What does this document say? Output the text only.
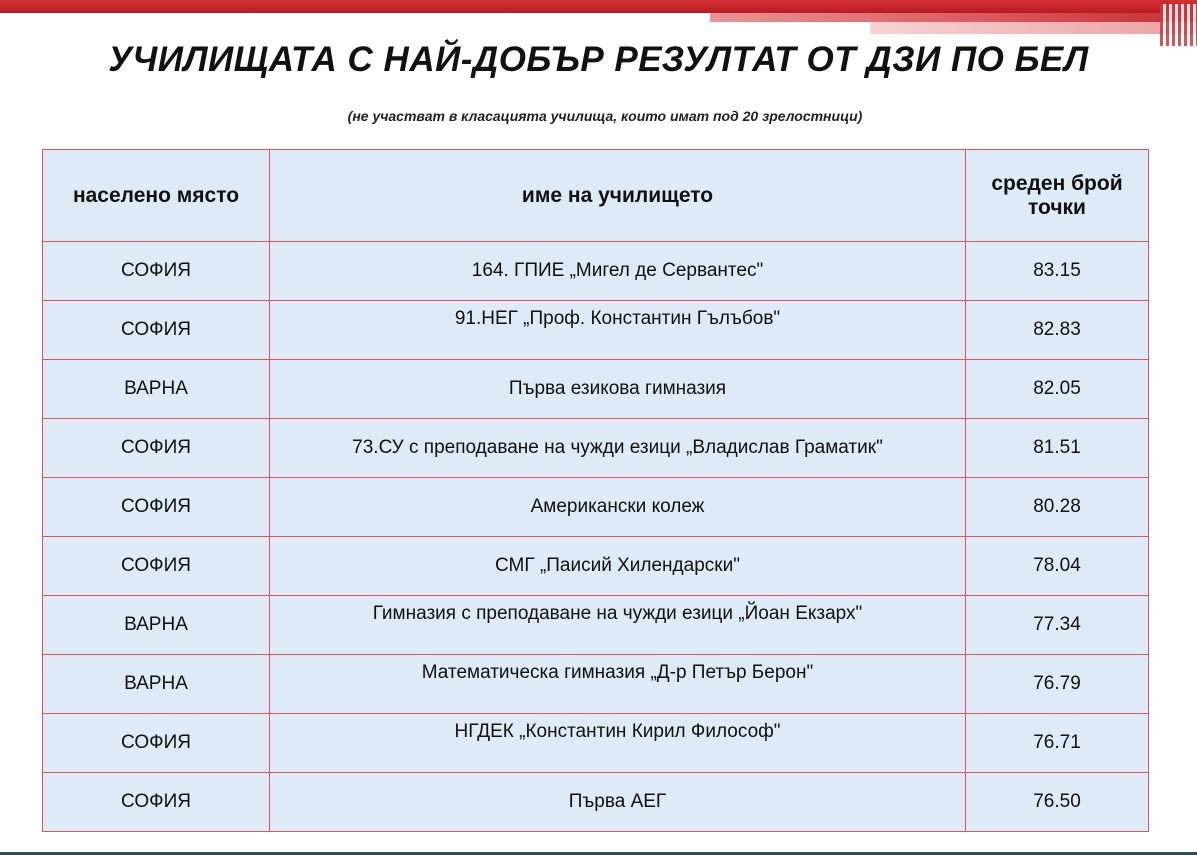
УЧИЛИЩАТА С НАЙ-ДОБЪР РЕЗУЛТАТ ОТ ДЗИ ПО БЕЛ
(не участват в класацията училища, които имат под 20 зрелостници)
населено място	име на училището	среден брой
точки

СОФИЯ	164. ГПИЕ „Мигел де Сервантес"	83.15
СОФИЯ	91.НЕГ „Проф. Константин Гълъбов"	82.83
ВАРНА	Първа езикова гимназия	82.05
СОФИЯ	73.СУ с преподаване на чужди езици „Владислав Граматик"	81.51
СОФИЯ	Американски колеж	80.28
СОФИЯ	СМГ „Паисий Хилендарски"	78.04
ВАРНА	Гимназия с преподаване на чужди езици „Йоан Екзарх"	77.34
ВАРНА	Математическа гимназия „Д-р Петър Берон"	76.79
СОФИЯ	НГДЕК „Константин Кирил Философ"	76.71
СОФИЯ	Първа АЕГ	76.50
